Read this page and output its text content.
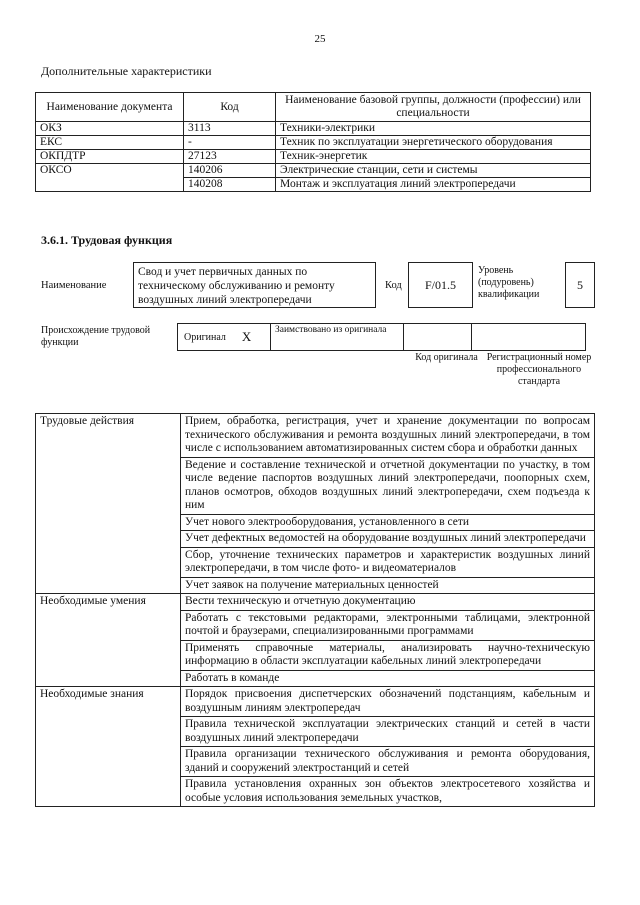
25
Дополнительные характеристики
Наименование документа	Код	Наименование базовой группы, должности (профессии) или специальности
ОКЗ	3113	Техники-электрики
ЕКС	-	Техник по эксплуатации энергетического оборудования
ОКПДТР	27123	Техник-энергетик
ОКСО	140206	Электрические станции, сети и системы
	140208	Монтаж и эксплуатация линий электропередачи
3.6.1. Трудовая функция
Наименование
Свод и учет первичных данных по техническому обслуживанию и ремонту воздушных линий электропередачи
Код	F/01.5
Уровень (подуровень) квалификации
5
Происхождение трудовой функции	Оригинал X	Заимствовано из оригинала
Код оригинала Регистрационный номер профессионального стандарта
Трудовые действия	Прием, обработка, регистрация, учет и хранение документации по вопросам технического обслуживания и ремонта воздушных линий электропередачи, в том числе с использованием автоматизированных систем сбора и обработки данных
	Ведение и составление технической и отчетной документации по участку, в том числе ведение паспортов воздушных линий электропередачи, поопорных схем, планов осмотров, обходов воздушных линий электропередачи, схем подъезда к ним
	Учет нового электрооборудования, установленного в сети
	Учет дефектных ведомостей на оборудование воздушных линий электропередачи
	Сбор, уточнение технических параметров и характеристик воздушных линий электропередачи, в том числе фото- и видеоматериалов
	Учет заявок на получение материальных ценностей
Необходимые умения	Вести техническую и отчетную документацию
	Работать с текстовыми редакторами, электронными таблицами, электронной почтой и браузерами, специализированными программами
	Применять справочные материалы, анализировать научно-техническую информацию в области эксплуатации кабельных линий электропередачи
	Работать в команде
Необходимые знания	Порядок присвоения диспетчерских обозначений подстанциям, кабельным и воздушным линиям электропередач
	Правила технической эксплуатации электрических станций и сетей в части воздушных линий электропередачи
	Правила организации технического обслуживания и ремонта оборудования, зданий и сооружений электростанций и сетей
	Правила установления охранных зон объектов электросетевого хозяйства и особые условия использования земельных участков,
